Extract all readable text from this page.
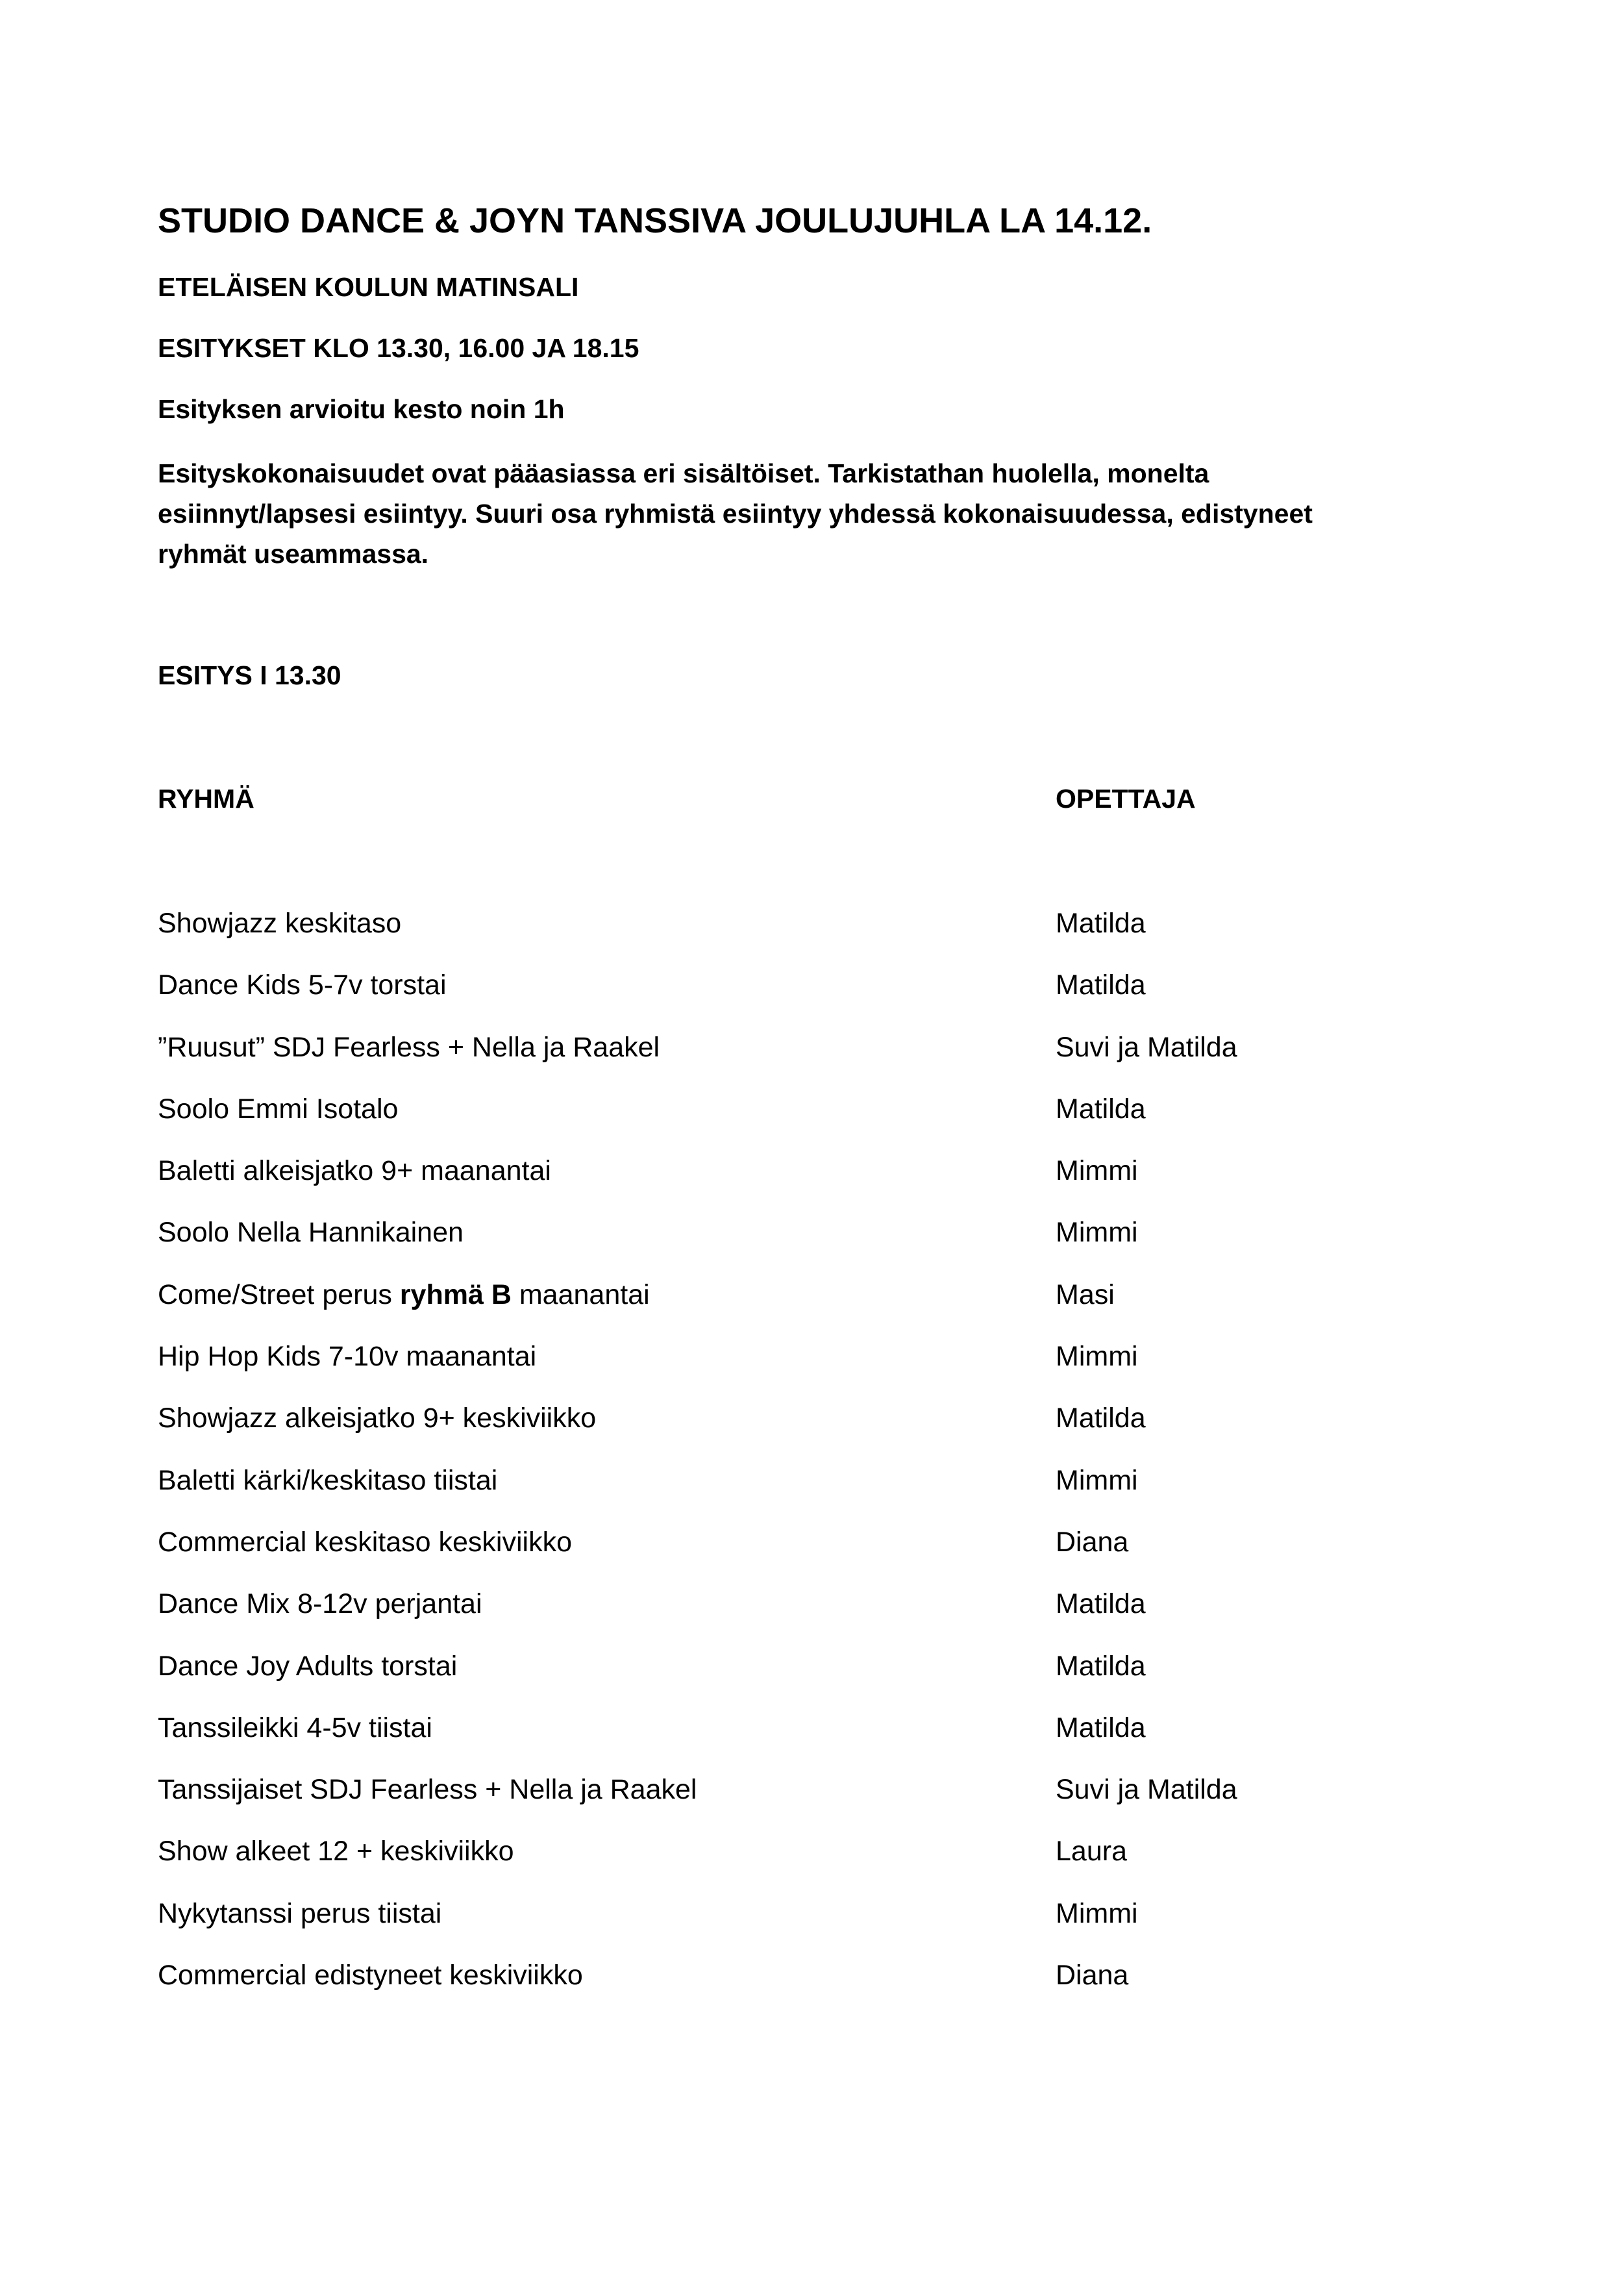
STUDIO DANCE & JOYN TANSSIVA JOULUJUHLA LA 14.12.

ETELÄISEN KOULUN MATINSALI

ESITYKSET KLO 13.30, 16.00 JA 18.15

Esityksen arvioitu kesto noin 1h

Esityskokonaisuudet ovat pääasiassa eri sisältöiset. Tarkistathan huolella, monelta
esiinnyt/lapsesi esiintyy. Suuri osa ryhmistä esiintyy yhdessä kokonaisuudessa, edistyneet
ryhmät useammassa.

ESITYS I 13.30

RYHMÄ	OPETTAJA
Showjazz keskitaso	Matilda
Dance Kids 5-7v torstai	Matilda
”Ruusut” SDJ Fearless + Nella ja Raakel	Suvi ja Matilda
Soolo Emmi Isotalo	Matilda
Baletti alkeisjatko 9+ maanantai	Mimmi
Soolo Nella Hannikainen	Mimmi
Come/Street perus ryhmä B maanantai	Masi
Hip Hop Kids 7-10v maanantai	Mimmi
Showjazz alkeisjatko 9+ keskiviikko	Matilda
Baletti kärki/keskitaso tiistai	Mimmi
Commercial keskitaso keskiviikko	Diana
Dance Mix 8-12v perjantai	Matilda
Dance Joy Adults torstai	Matilda
Tanssileikki 4-5v tiistai	Matilda
Tanssijaiset SDJ Fearless + Nella ja Raakel	Suvi ja Matilda
Show alkeet 12 + keskiviikko	Laura
Nykytanssi perus tiistai	Mimmi
Commercial edistyneet keskiviikko	Diana
